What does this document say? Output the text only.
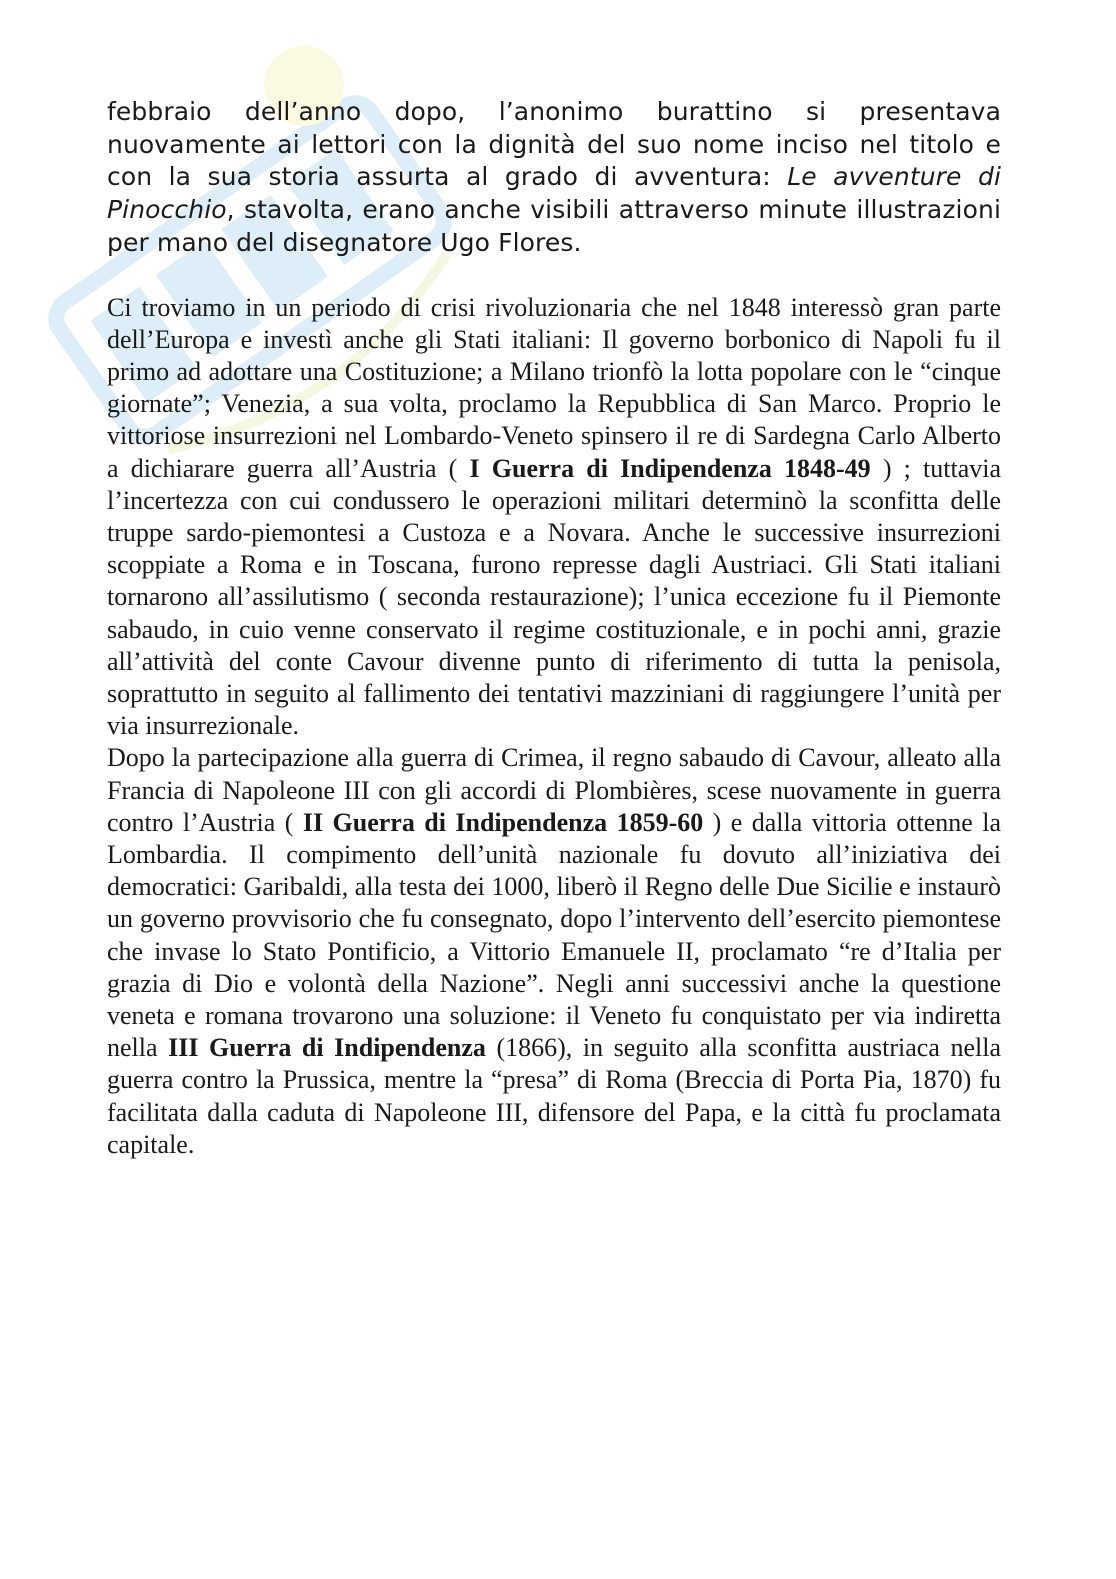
febbraio dell’anno dopo, l’anonimo burattino si presentava nuovamente ai lettori con la dignità del suo nome inciso nel titolo e con la sua storia assurta al grado di avventura: Le avventure di Pinocchio, stavolta, erano anche visibili attraverso minute illustrazioni per mano del disegnatore Ugo Flores.

Ci troviamo in un periodo di crisi rivoluzionaria che nel 1848 interessò gran parte dell’Europa e investì anche gli Stati italiani: Il governo borbonico di Napoli fu il primo ad adottare una Costituzione; a Milano trionfò la lotta popolare con le “cinque giornate”; Venezia, a sua volta, proclamo la Repubblica di San Marco. Proprio le vittoriose insurrezioni nel Lombardo-Veneto spinsero il re di Sardegna Carlo Alberto a dichiarare guerra all’Austria ( I Guerra di Indipendenza 1848-49 ) ; tuttavia l’incertezza con cui condussero le operazioni militari determinò la sconfitta delle truppe sardo-piemontesi a Custoza e a Novara. Anche le successive insurrezioni scoppiate a Roma e in Toscana, furono represse dagli Austriaci. Gli Stati italiani tornarono all’assilutismo ( seconda restaurazione); l’unica eccezione fu il Piemonte sabaudo, in cuio venne conservato il regime costituzionale, e in pochi anni, grazie all’attività del conte Cavour divenne punto di riferimento di tutta la penisola, soprattutto in seguito al fallimento dei tentativi mazziniani di raggiungere l’unità per via insurrezionale.

Dopo la partecipazione alla guerra di Crimea, il regno sabaudo di Cavour, alleato alla Francia di Napoleone III con gli accordi di Plombières, scese nuovamente in guerra contro l’Austria ( II Guerra di Indipendenza 1859-60 ) e dalla vittoria ottenne la Lombardia. Il compimento dell’unità nazionale fu dovuto all’iniziativa dei democratici: Garibaldi, alla testa dei 1000, liberò il Regno delle Due Sicilie e instaurò un governo provvisorio che fu consegnato, dopo l’intervento dell’esercito piemontese che invase lo Stato Pontificio, a Vittorio Emanuele II, proclamato “re d’Italia per grazia di Dio e volontà della Nazione”. Negli anni successivi anche la questione veneta e romana trovarono una soluzione: il Veneto fu conquistato per via indiretta nella III Guerra di Indipendenza (1866), in seguito alla sconfitta austriaca nella guerra contro la Prussica, mentre la “presa” di Roma (Breccia di Porta Pia, 1870) fu facilitata dalla caduta di Napoleone III, difensore del Papa, e la città fu proclamata capitale.
